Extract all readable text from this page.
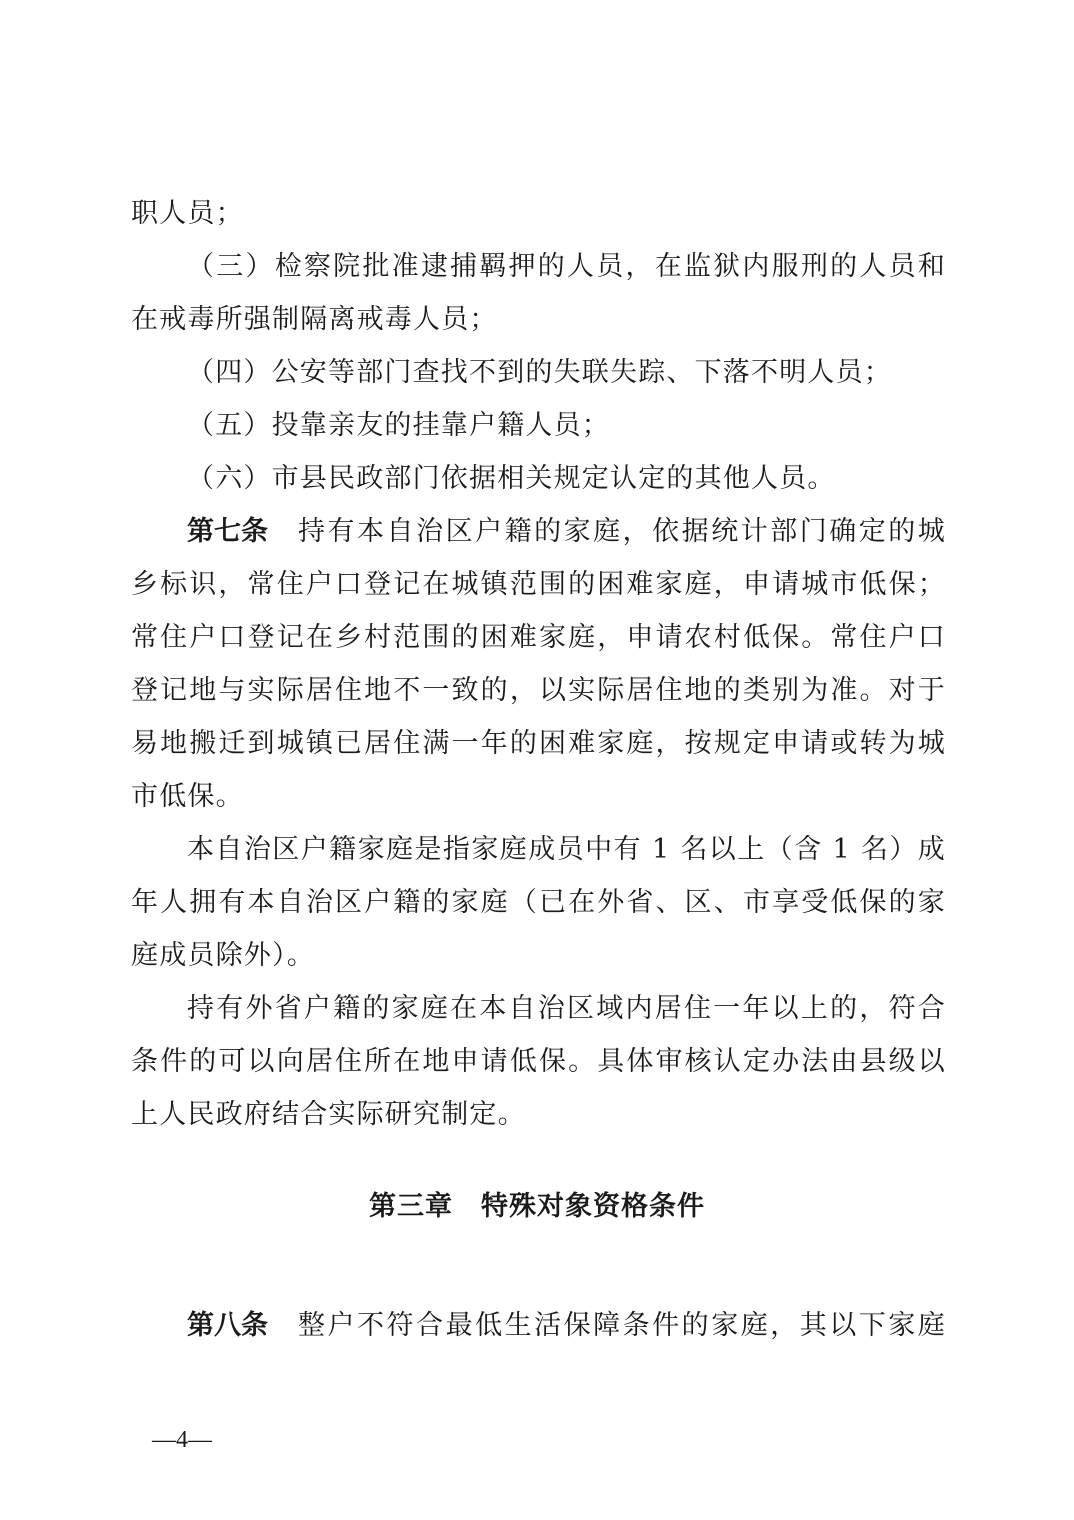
职人员；
（三）检察院批准逮捕羁押的人员，在监狱内服刑的人员和
在戒毒所强制隔离戒毒人员；
（四）公安等部门查找不到的失联失踪、下落不明人员；
（五）投靠亲友的挂靠户籍人员；
（六）市县民政部门依据相关规定认定的其他人员。
第七条 持有本自治区户籍的家庭，依据统计部门确定的城
乡标识，常住户口登记在城镇范围的困难家庭，申请城市低保；
常住户口登记在乡村范围的困难家庭，申请农村低保。常住户口
登记地与实际居住地不一致的，以实际居住地的类别为准。对于
易地搬迁到城镇已居住满一年的困难家庭，按规定申请或转为城
市低保。
本自治区户籍家庭是指家庭成员中有 1 名以上（含 1 名）成
年人拥有本自治区户籍的家庭（已在外省、区、市享受低保的家
庭成员除外）。
持有外省户籍的家庭在本自治区域内居住一年以上的，符合
条件的可以向居住所在地申请低保。具体审核认定办法由县级以
上人民政府结合实际研究制定。
第三章 特殊对象资格条件
第八条 整户不符合最低生活保障条件的家庭，其以下家庭
—4—
